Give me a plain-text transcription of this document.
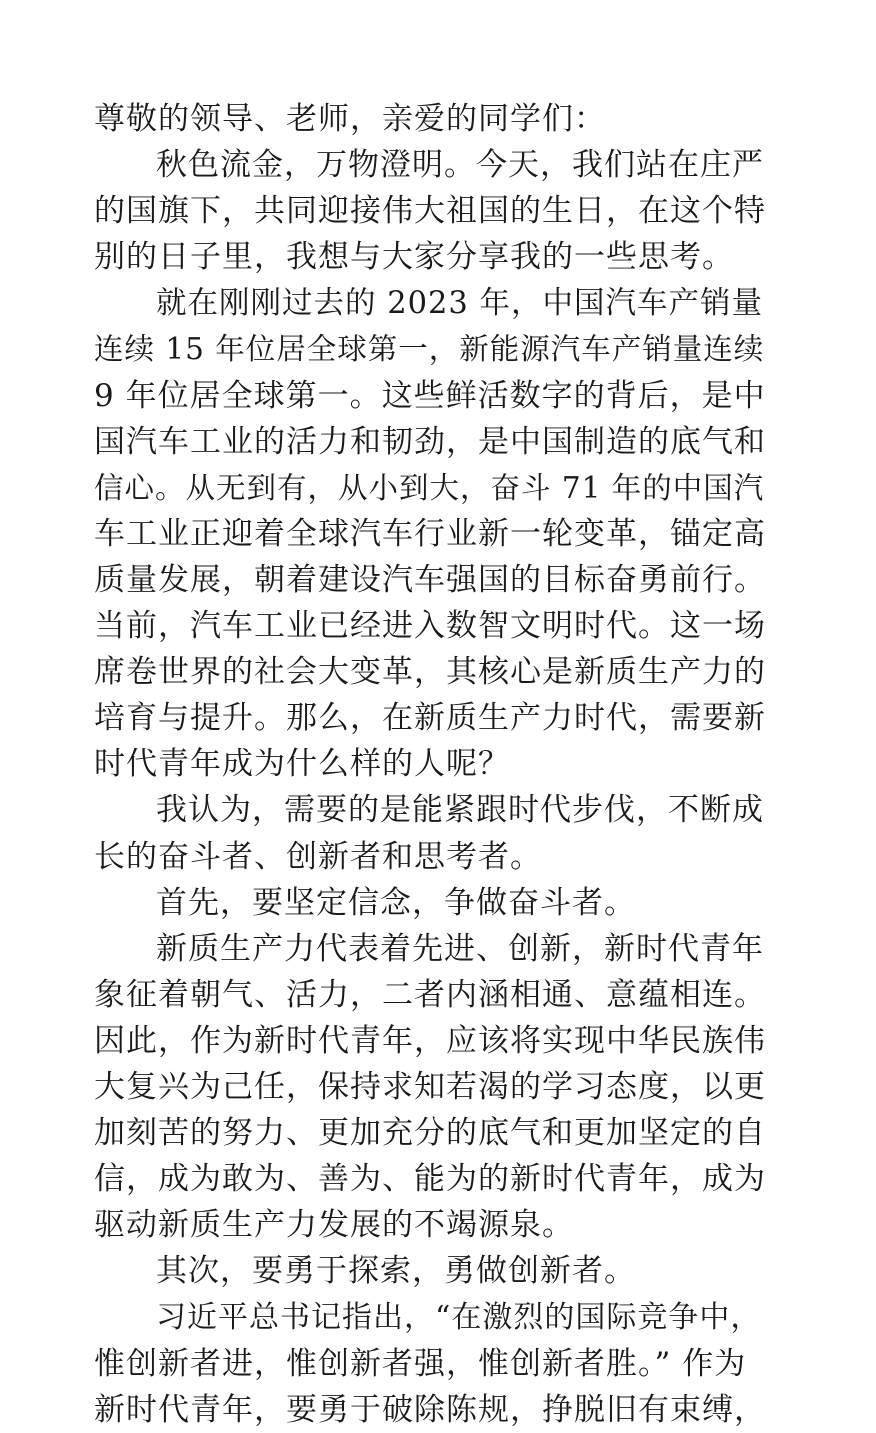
尊敬的领导、老师，亲爱的同学们：
秋色流金，万物澄明。今天，我们站在庄严
的国旗下，共同迎接伟大祖国的生日，在这个特
别的日子里，我想与大家分享我的一些思考。
就在刚刚过去的 2023 年，中国汽车产销量
连续 15 年位居全球第一，新能源汽车产销量连续
9 年位居全球第一。这些鲜活数字的背后，是中
国汽车工业的活力和韧劲，是中国制造的底气和
信心。从无到有，从小到大，奋斗 71 年的中国汽
车工业正迎着全球汽车行业新一轮变革，锚定高
质量发展，朝着建设汽车强国的目标奋勇前行。
当前，汽车工业已经进入数智文明时代。这一场
席卷世界的社会大变革，其核心是新质生产力的
培育与提升。那么，在新质生产力时代，需要新
时代青年成为什么样的人呢？
我认为，需要的是能紧跟时代步伐，不断成
长的奋斗者、创新者和思考者。
首先，要坚定信念，争做奋斗者。
新质生产力代表着先进、创新，新时代青年
象征着朝气、活力，二者内涵相通、意蕴相连。
因此，作为新时代青年，应该将实现中华民族伟
大复兴为己任，保持求知若渴的学习态度，以更
加刻苦的努力、更加充分的底气和更加坚定的自
信，成为敢为、善为、能为的新时代青年，成为
驱动新质生产力发展的不竭源泉。
其次，要勇于探索，勇做创新者。
习近平总书记指出，“在激烈的国际竞争中，
惟创新者进，惟创新者强，惟创新者胜。” 作为
新时代青年，要勇于破除陈规，挣脱旧有束缚，
